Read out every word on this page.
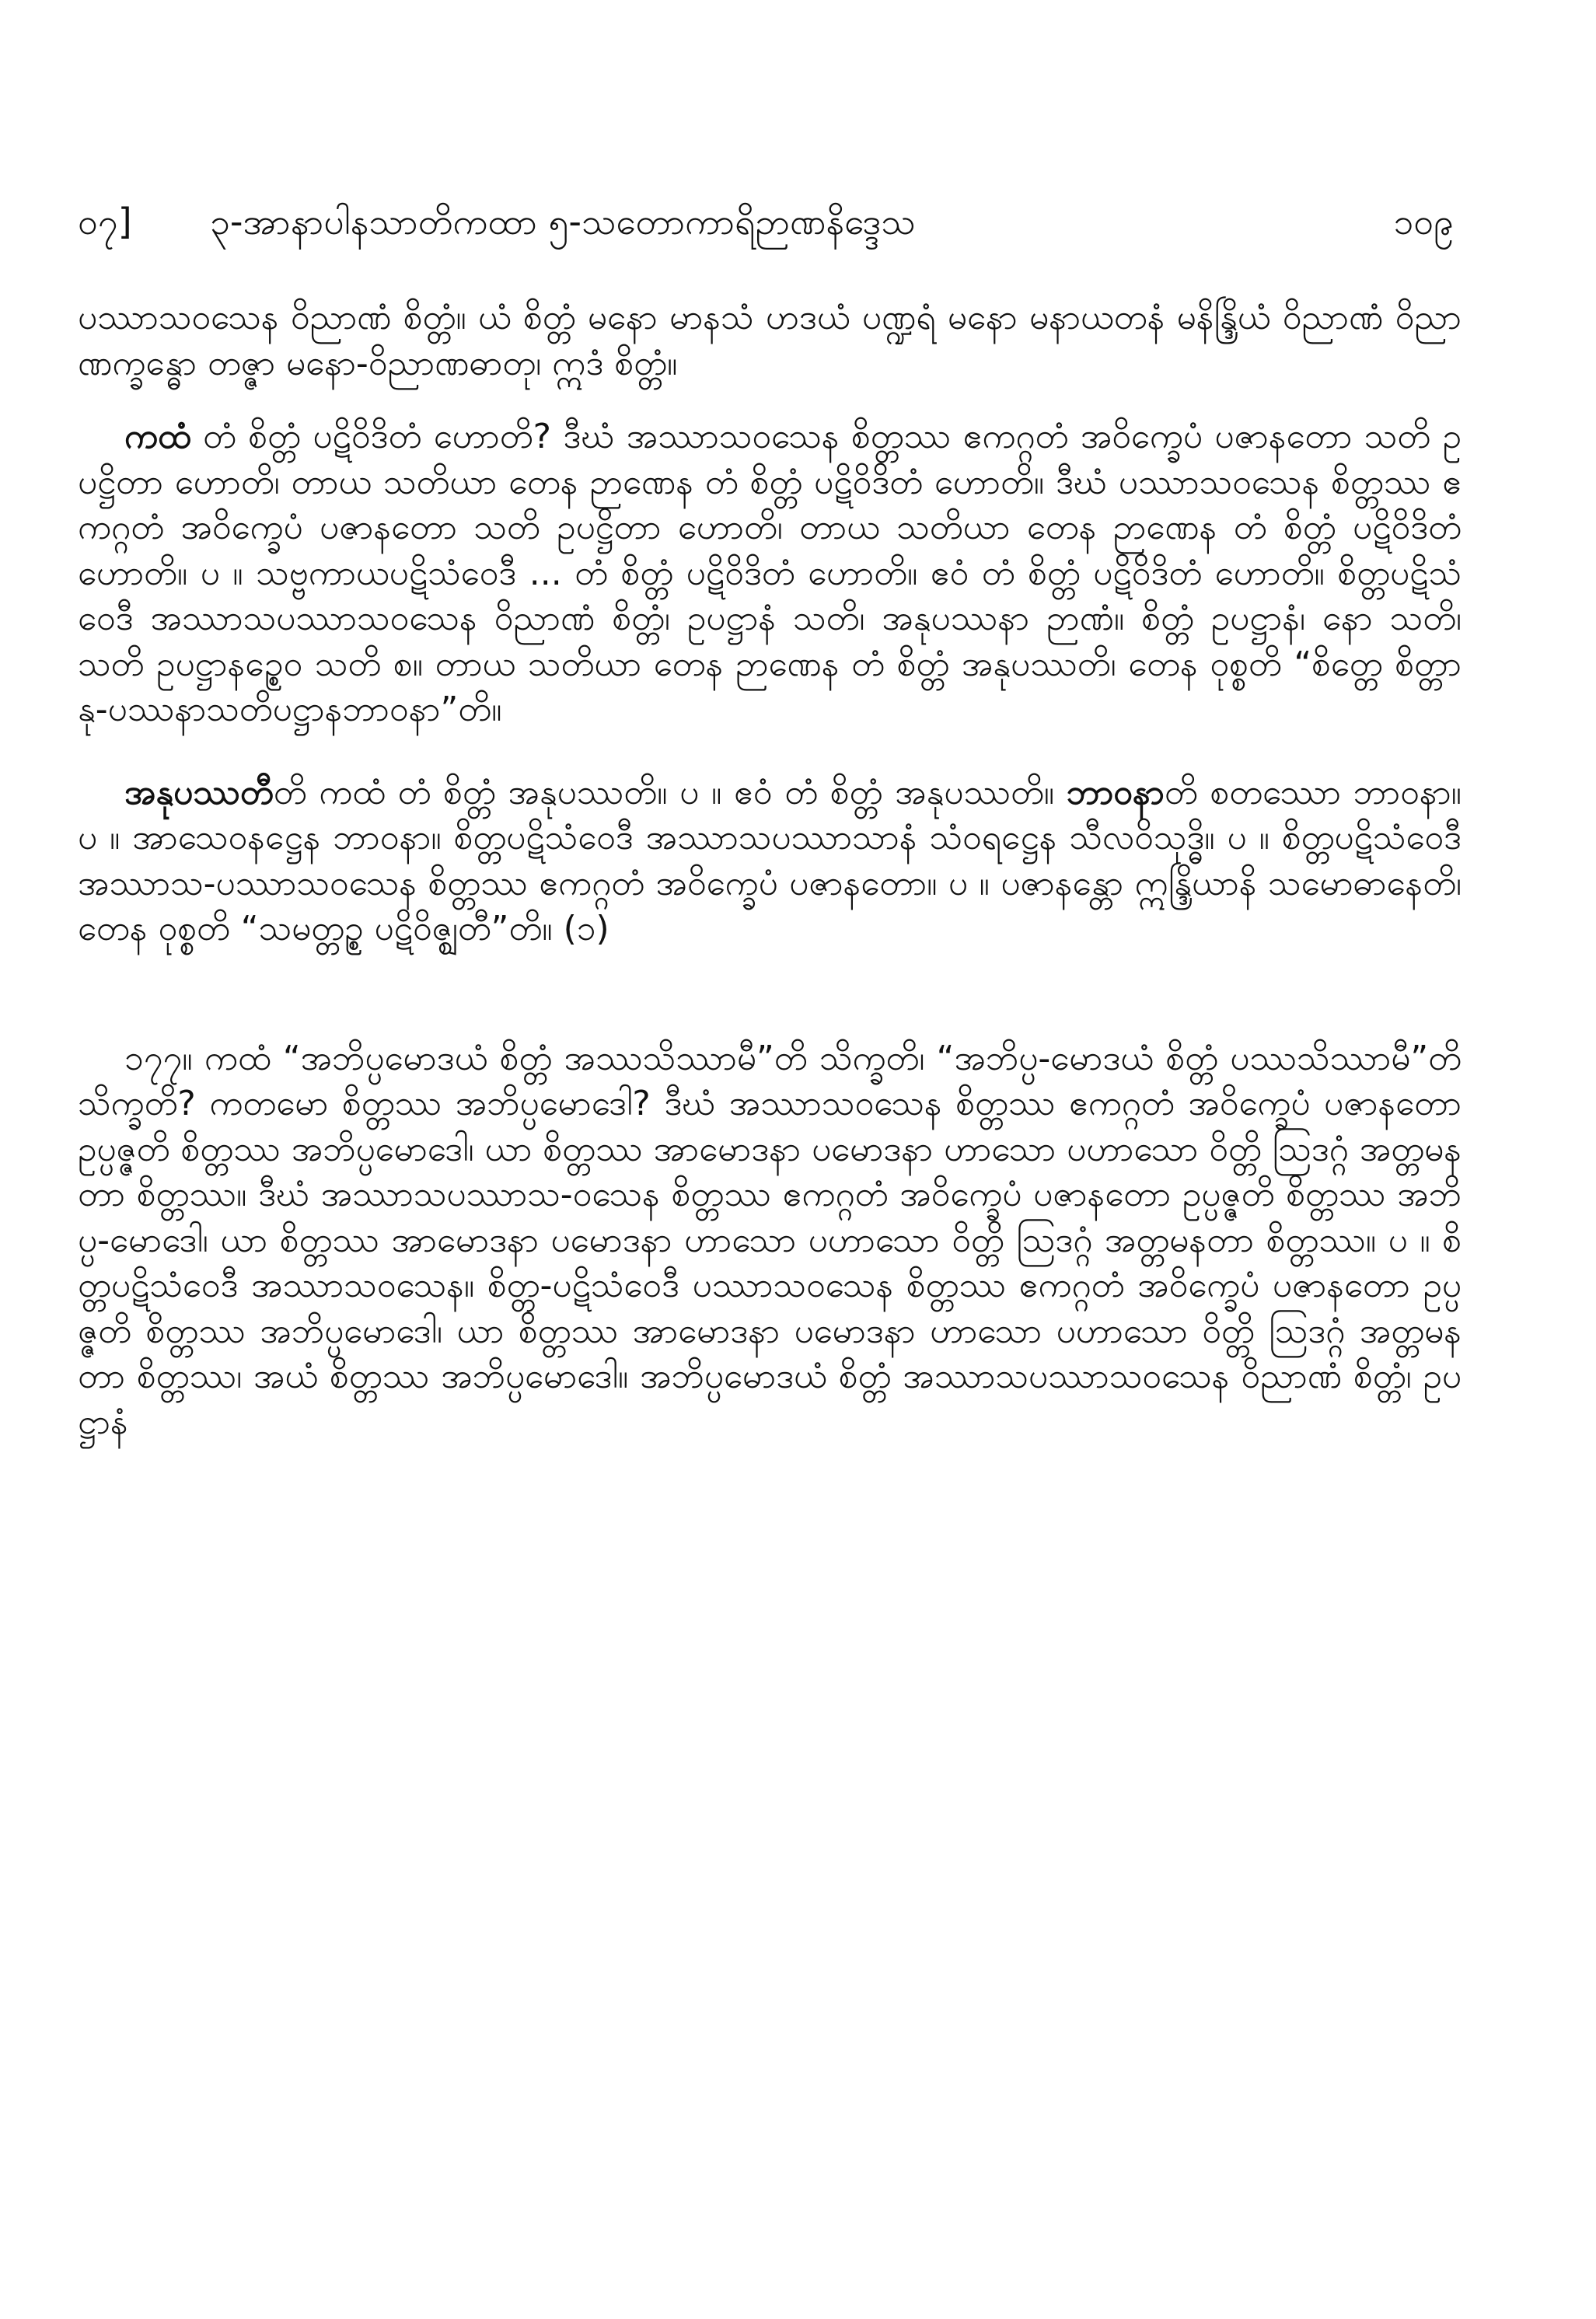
ဝ၇] ၃-အာနာပါနသာတိကထာ ၅-သတောကာရိဉာဏနိဒ္ဒေသ	၁၀၉

ပဿာသဝသေန ဝိညာဏံ စိတ္တံ။ ယံ စိတ္တံ မနော မာနသံ ဟဒယံ ပဏ္ဍရံ မနော မနာယတနံ မနိန္ဒြိယံ ဝိညာဏံ ဝိညာဏက္ခန္ဓော တဇ္ဇာ မနော-ဝိညာဏဓာတု၊ ဣဒံ စိတ္တံ။

ကထံ တံ စိတ္တံ ပဋိဝိဒိတံ ဟောတိ? ဒီဃံ အဿာသဝသေန စိတ္တဿ ဧကဂ္ဂတံ အဝိက္ခေပံ ပဇာနတော သတိ ဥပဋ္ဌိတာ ဟောတိ၊ တာယ သတိယာ တေန ဉာဏေန တံ စိတ္တံ ပဋိဝိဒိတံ ဟောတိ။ ဒီဃံ ပဿာသဝသေန စိတ္တဿ ဧကဂ္ဂတံ အဝိက္ခေပံ ပဇာနတော သတိ ဥပဋ္ဌိတာ ဟောတိ၊ တာယ သတိယာ တေန ဉာဏေန တံ စိတ္တံ ပဋိဝိဒိတံ ဟောတိ။ ပ ။ သဗ္ဗကာယပဋိသံဝေဒီ ... တံ စိတ္တံ ပဋိဝိဒိတံ ဟောတိ။ ဧဝံ တံ စိတ္တံ ပဋိဝိဒိတံ ဟောတိ။ စိတ္တပဋိသံဝေဒီ အဿာသပဿာသဝသေန ဝိညာဏံ စိတ္တံ၊ ဥပဋ္ဌာနံ သတိ၊ အနုပဿနာ ဉာဏံ။ စိတ္တံ ဥပဋ္ဌာနံ၊ နော သတိ၊ သတိ ဥပဋ္ဌာနဉ္စေဝ သတိ စ။ တာယ သတိယာ တေန ဉာဏေန တံ စိတ္တံ အနုပဿတိ၊ တေန ဝုစ္စတိ “စိတ္တေ စိတ္တာနု-ပဿနာသတိပဋ္ဌာနဘာဝနာ”တိ။

အနုပဿတီတိ ကထံ တံ စိတ္တံ အနုပဿတိ။ ပ ။ ဧဝံ တံ စိတ္တံ အနုပဿတိ။ ဘာဝနာတိ စတဿော ဘာဝနာ။ ပ ။ အာသေဝနဋ္ဌေန ဘာဝနာ။ စိတ္တပဋိသံဝေဒီ အဿာသပဿာသာနံ သံဝရဋ္ဌေန သီလဝိသုဒ္ဓိ။ ပ ။ စိတ္တပဋိသံဝေဒီ အဿာသ-ပဿာသဝသေန စိတ္တဿ ဧကဂ္ဂတံ အဝိက္ခေပံ ပဇာနတော။ ပ ။ ပဇာနန္တော ဣန္ဒြိယာနိ သမောဓာနေတိ၊ တေန ဝုစ္စတိ “သမတ္တဉ္စ ပဋိဝိဇ္ဈတီ”တိ။ (၁)

၁၇၇။ ကထံ “အဘိပ္ပမောဒယံ စိတ္တံ အဿသိဿာမီ”တိ သိက္ခတိ၊ “အဘိပ္ပ-မောဒယံ စိတ္တံ ပဿသိဿာမီ”တိ သိက္ခတိ? ကတမော စိတ္တဿ အဘိပ္ပမောဒေါ? ဒီဃံ အဿာသဝသေန စိတ္တဿ ဧကဂ္ဂတံ အဝိက္ခေပံ ပဇာနတော ဥပ္ပဇ္ဇတိ စိတ္တဿ အဘိပ္ပမောဒေါ၊ ယာ စိတ္တဿ အာမောဒနာ ပမောဒနာ ဟာသော ပဟာသော ဝိတ္တိ ဩဒဂ္ဂံ အတ္တမနတာ စိတ္တဿ။ ဒီဃံ အဿာသပဿာသ-ဝသေန စိတ္တဿ ဧကဂ္ဂတံ အဝိက္ခေပံ ပဇာနတော ဥပ္ပဇ္ဇတိ စိတ္တဿ အဘိပ္ပ-မောဒေါ၊ ယာ စိတ္တဿ အာမောဒနာ ပမောဒနာ ဟာသော ပဟာသော ဝိတ္တိ ဩဒဂ္ဂံ အတ္တမနတာ စိတ္တဿ။ ပ ။ စိတ္တပဋိသံဝေဒီ အဿာသဝသေန။ စိတ္တ-ပဋိသံဝေဒီ ပဿာသဝသေန စိတ္တဿ ဧကဂ္ဂတံ အဝိက္ခေပံ ပဇာနတော ဥပ္ပဇ္ဇတိ စိတ္တဿ အဘိပ္ပမောဒေါ၊ ယာ စိတ္တဿ အာမောဒနာ ပမောဒနာ ဟာသော ပဟာသော ဝိတ္တိ ဩဒဂ္ဂံ အတ္တမနတာ စိတ္တဿ၊ အယံ စိတ္တဿ အဘိပ္ပမောဒေါ။ အဘိပ္ပမောဒယံ စိတ္တံ အဿာသပဿာသဝသေန ဝိညာဏံ စိတ္တံ၊ ဥပဋ္ဌာနံ
